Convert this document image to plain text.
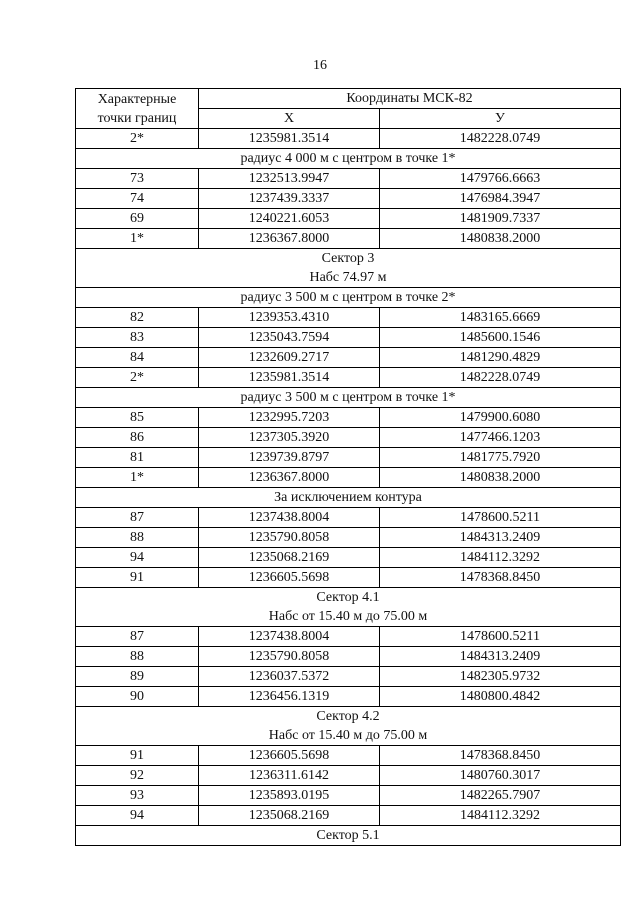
16
Характерные
точки границ	Координаты МСК-82	
	X	У
2*	1235981.3514	1482228.0749
радиус 4 000 м с центром в точке 1*		
73	1232513.9947	1479766.6663
74	1237439.3337	1476984.3947
69	1240221.6053	1481909.7337
1*	1236367.8000	1480838.2000

Сектор 3
Набс 74.97 м		

радиус 3 500 м с центром в точке 2*		
82	1239353.4310	1483165.6669
83	1235043.7594	1485600.1546
84	1232609.2717	1481290.4829
2*	1235981.3514	1482228.0749
радиус 3 500 м с центром в точке 1*		
85	1232995.7203	1479900.6080
86	1237305.3920	1477466.1203
81	1239739.8797	1481775.7920
1*	1236367.8000	1480838.2000
За исключением контура		
87	1237438.8004	1478600.5211
88	1235790.8058	1484313.2409
94	1235068.2169	1484112.3292
91	1236605.5698	1478368.8450

Сектор 4.1
Набс от 15.40 м до 75.00 м		

87	1237438.8004	1478600.5211
88	1235790.8058	1484313.2409
89	1236037.5372	1482305.9732
90	1236456.1319	1480800.4842

Сектор 4.2
Набс от 15.40 м до 75.00 м		

91	1236605.5698	1478368.8450
92	1236311.6142	1480760.3017
93	1235893.0195	1482265.7907
94	1235068.2169	1484112.3292
Сектор 5.1		
